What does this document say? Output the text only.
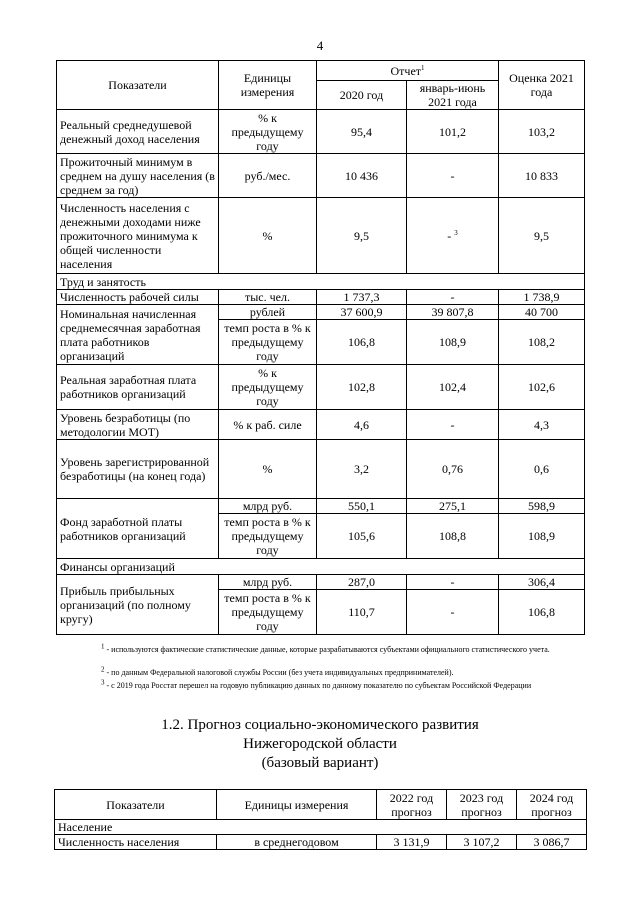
4
Показатели	Единицы измерения	Отчет$^1$		Оценка 2021 года
		2020 год	январь-июнь 2021 года	
Реальный среднедушевой денежный доход населения	% к предыдущему году	95,4	101,2	103,2
Прожиточный минимум в среднем на душу населения (в среднем за год)	руб./мес.	10 436	-	10 833
Численность населения с денежными доходами ниже прожиточного минимума к общей численности населения	%	9,5	- $^3$	9,5
Труд и занятость				
Численность рабочей силы	тыс. чел.	1 737,3	-	1 738,9
Номинальная начисленная среднемесячная заработная плата работников организаций	рублей	37 600,9	39 807,8	40 700
	темп роста в % к предыдущему году	106,8	108,9	108,2
Реальная заработная плата работников организаций	% к предыдущему году	102,8	102,4	102,6
Уровень безработицы (по методологии МОТ)	% к раб. силе	4,6	-	4,3
Уровень зарегистрированной безработицы (на конец года)	%	3,2	0,76	0,6
Фонд заработной платы работников организаций	млрд руб.	550,1	275,1	598,9
	темп роста в % к предыдущему году	105,6	108,8	108,9
Финансы организаций				
Прибыль прибыльных организаций (по полному кругу)	млрд руб.	287,0	-	306,4
	темп роста в % к предыдущему году	110,7	-	106,8
1 - используются фактические статистические данные, которые разрабатываются субъектами официального статистического учета.
2 - по данным Федеральной налоговой службы России (без учета индивидуальных предпринимателей).
3 - с 2019 года Росстат перешел на годовую публикацию данных по данному показателю по субъектам Российской Федерации
1.2. Прогноз социально-экономического развития
Нижегородской области
(базовый вариант)
Показатели	Единицы измерения	2022 год прогноз	2023 год прогноз	2024 год прогноз
Население				
Численность населения	в среднегодовом	3 131,9	3 107,2	3 086,7
